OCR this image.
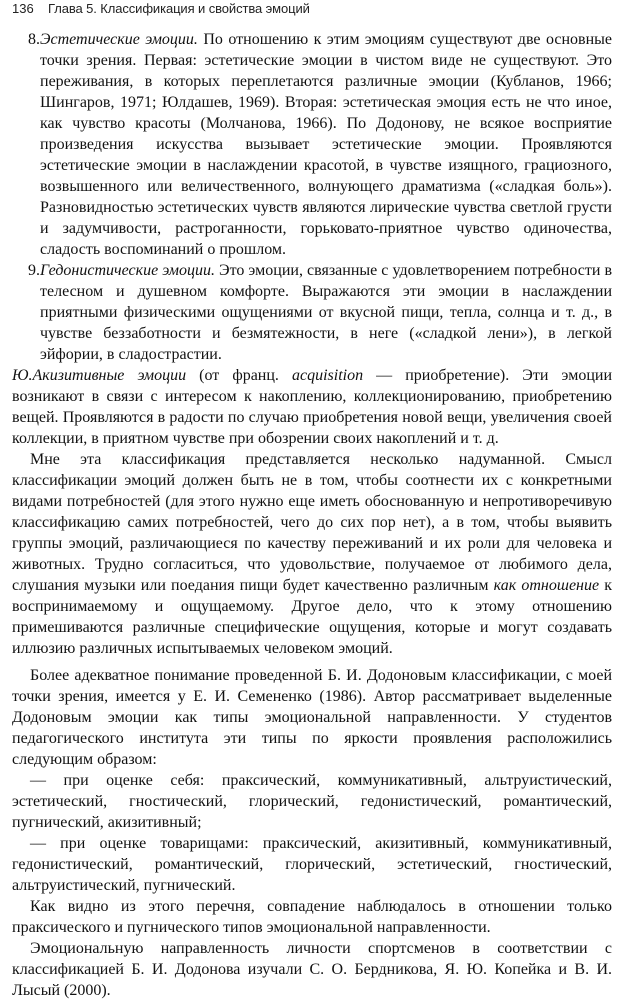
136 Глава 5. Классификация и свойства эмоций

8. Эстетические эмоции. По отношению к этим эмоциям существуют две основные точки зрения. Первая: эстетические эмоции в чистом виде не существуют. Это переживания, в которых переплетаются различные эмоции (Кубланов, 1966; Шингаров, 1971; Юлдашев, 1969). Вторая: эстетическая эмоция есть не что иное, как чувство красоты (Молчанова, 1966). По Додонову, не всякое восприятие произведения искусства вызывает эстетические эмоции. Проявляются эстетические эмоции в наслаждении красотой, в чувстве изящного, грациозного, возвышенного или величественного, волнующего драматизма («сладкая боль»). Разновидностью эстетических чувств являются лирические чувства светлой грусти и задумчивости, растроганности, горьковато-приятное чувство одиночества, сладость воспоминаний о прошлом.

9. Гедонистические эмоции. Это эмоции, связанные с удовлетворением потребности в телесном и душевном комфорте. Выражаются эти эмоции в наслаждении приятными физическими ощущениями от вкусной пищи, тепла, солнца и т. д., в чувстве беззаботности и безмятежности, в неге («сладкой лени»), в легкой эйфории, в сладострастии.

Ю.Акизитивные эмоции (от франц. acquisition — приобретение). Эти эмоции возникают в связи с интересом к накоплению, коллекционированию, приобретению вещей. Проявляются в радости по случаю приобретения новой вещи, увеличения своей коллекции, в приятном чувстве при обозрении своих накоплений и т. д.

Мне эта классификация представляется несколько надуманной. Смысл классификации эмоций должен быть не в том, чтобы соотнести их с конкретными видами потребностей (для этого нужно еще иметь обоснованную и непротиворечивую классификацию самих потребностей, чего до сих пор нет), а в том, чтобы выявить группы эмоций, различающиеся по качеству переживаний и их роли для человека и животных. Трудно согласиться, что удовольствие, получаемое от любимого дела, слушания музыки или поедания пищи будет качественно различным как отношение к воспринимаемому и ощущаемому. Другое дело, что к этому отношению примешиваются различные специфические ощущения, которые и могут создавать иллюзию различных испытываемых человеком эмоций.

Более адекватное понимание проведенной Б. И. Додоновым классификации, с моей точки зрения, имеется у Е. И. Семененко (1986). Автор рассматривает выделенные Додоновым эмоции как типы эмоциональной направленности. У студентов педагогического института эти типы по яркости проявления расположились следующим образом:

— при оценке себя: праксический, коммуникативный, альтруистический, эстетический, гностический, глорический, гедонистический, романтический, пугнический, акизитивный;

— при оценке товарищами: праксический, акизитивный, коммуникативный, гедонистический, романтический, глорический, эстетический, гностический, альтруистический, пугнический.

Как видно из этого перечня, совпадение наблюдалось в отношении только праксического и пугнического типов эмоциональной направленности.

Эмоциональную направленность личности спортсменов в соответствии с классификацией Б. И. Додонова изучали С. О. Бердникова, Я. Ю. Копейка и В. И. Лысый (2000).
